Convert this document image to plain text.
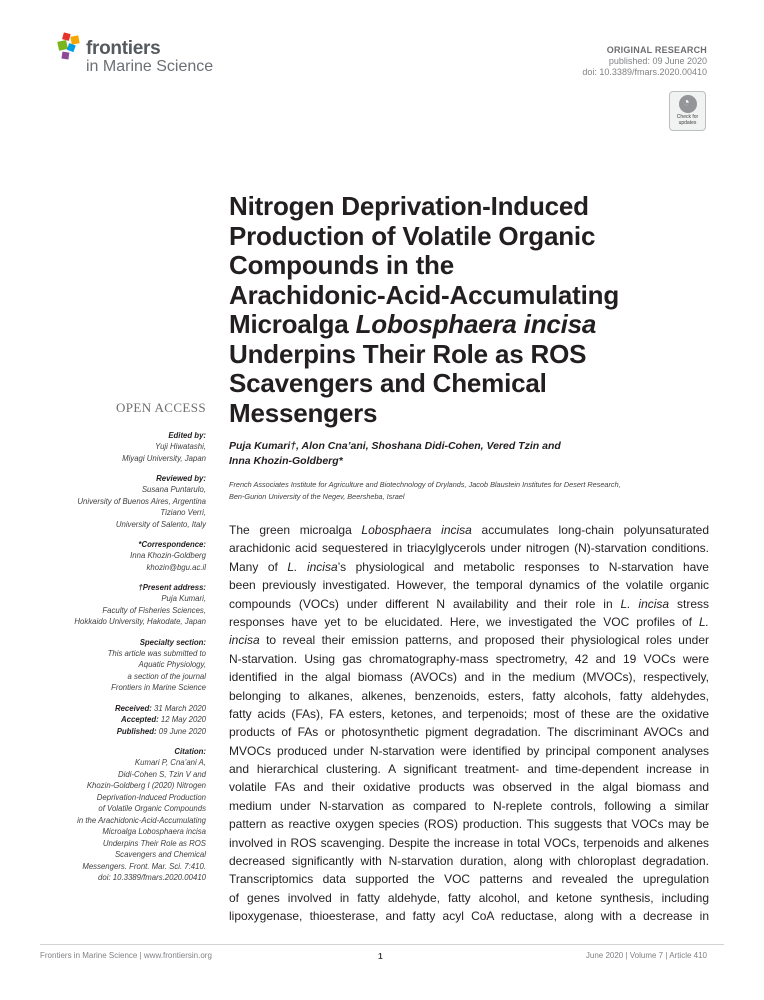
frontiers
in Marine Science
ORIGINAL RESEARCH
published: 09 June 2020
doi: 10.3389/fmars.2020.00410
◔
Check for
updates
Nitrogen Deprivation-Induced
Production of Volatile Organic
Compounds in the
Arachidonic-Acid-Accumulating
Microalga Lobosphaera incisa
Underpins Their Role as ROS
Scavengers and Chemical
Messengers
Puja Kumari†, Alon Cna’ani, Shoshana Didi-Cohen, Vered Tzin and
Inna Khozin-Goldberg*
French Associates Institute for Agriculture and Biotechnology of Drylands, Jacob Blaustein Institutes for Desert Research,
Ben-Gurion University of the Negev, Beersheba, Israel
The green microalga Lobosphaera incisa accumulates long-chain polyunsaturated
arachidonic acid sequestered in triacylglycerols under nitrogen (N)-starvation conditions.
Many of L. incisa’s physiological and metabolic responses to N-starvation have
been previously investigated. However, the temporal dynamics of the volatile organic
compounds (VOCs) under different N availability and their role in L. incisa stress
responses have yet to be elucidated. Here, we investigated the VOC profiles of L.
incisa to reveal their emission patterns, and proposed their physiological roles under
N-starvation. Using gas chromatography-mass spectrometry, 42 and 19 VOCs were
identified in the algal biomass (AVOCs) and in the medium (MVOCs), respectively,
belonging to alkanes, alkenes, benzenoids, esters, fatty alcohols, fatty aldehydes,
fatty acids (FAs), FA esters, ketones, and terpenoids; most of these are the oxidative
products of FAs or photosynthetic pigment degradation. The discriminant AVOCs and
MVOCs produced under N-starvation were identified by principal component analyses
and hierarchical clustering. A significant treatment- and time-dependent increase in
volatile FAs and their oxidative products was observed in the algal biomass and
medium under N-starvation as compared to N-replete controls, following a similar
pattern as reactive oxygen species (ROS) production. This suggests that VOCs may be
involved in ROS scavenging. Despite the increase in total VOCs, terpenoids and alkenes
decreased significantly with N-starvation duration, along with chloroplast degradation.
Transcriptomics data supported the VOC patterns and revealed the upregulation
of genes involved in fatty aldehyde, fatty alcohol, and ketone synthesis, including
lipoxygenase, thioesterase, and fatty acyl CoA reductase, along with a decrease in
OPEN ACCESS
Edited by:
Yuji Hiwatashi,
Miyagi University, Japan
Reviewed by:
Susana Puntarulo,
University of Buenos Aires, Argentina
Tiziano Verri,
University of Salento, Italy
*Correspondence:
Inna Khozin-Goldberg
khozin@bgu.ac.il
†Present address:
Puja Kumari,
Faculty of Fisheries Sciences,
Hokkaido University, Hakodate, Japan
Specialty section:
This article was submitted to
Aquatic Physiology,
a section of the journal
Frontiers in Marine Science
Received: 31 March 2020
Accepted: 12 May 2020
Published: 09 June 2020
Citation:
Kumari P, Cna’ani A,
Didi-Cohen S, Tzin V and
Khozin-Goldberg I (2020) Nitrogen
Deprivation-Induced Production
of Volatile Organic Compounds
in the Arachidonic-Acid-Accumulating
Microalga Lobosphaera incisa
Underpins Their Role as ROS
Scavengers and Chemical
Messengers. Front. Mar. Sci. 7:410.
doi: 10.3389/fmars.2020.00410
Frontiers in Marine Science | www.frontiersin.org	1	June 2020 | Volume 7 | Article 410
